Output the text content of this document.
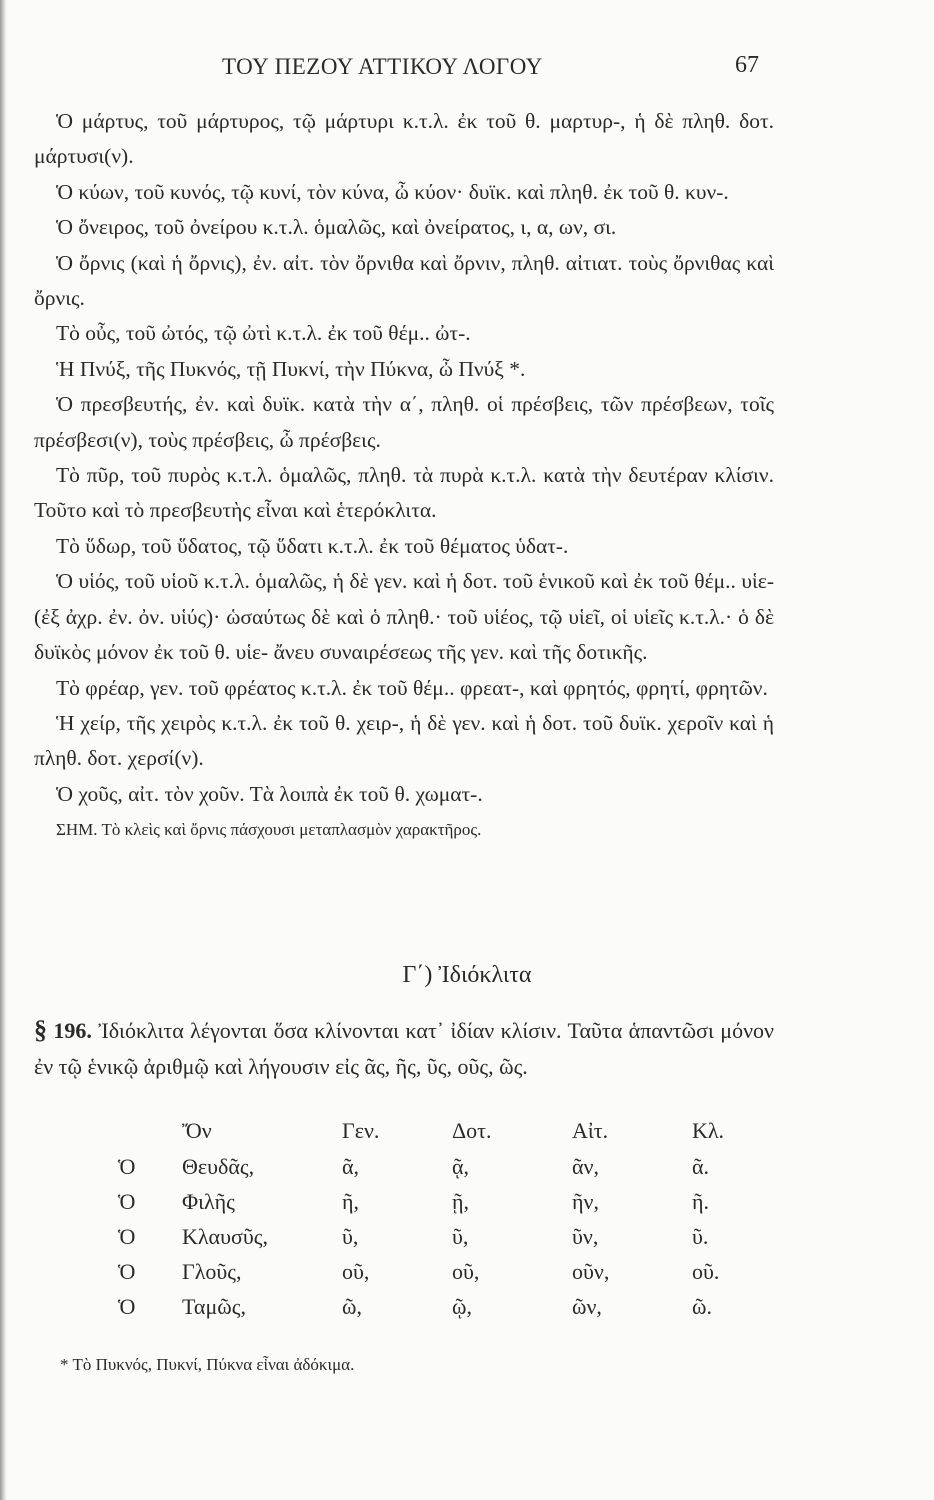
ΤΟΥ ΠΕΖΟΥ ΑΤΤΙΚΟΥ ΛΟΓΟΥ	67

Ὁ μάρτυς, τοῦ μάρτυρος, τῷ μάρτυρι κ.τ.λ. ἐκ τοῦ θ. μαρτυρ-, ἡ δὲ πληθ. δοτ. μάρτυσι(ν).

Ὁ κύων, τοῦ κυνός, τῷ κυνί, τὸν κύνα, ὦ κύον· δυϊκ. καὶ πληθ. ἐκ τοῦ θ. κυν-.

Ὁ ὄνειρος, τοῦ ὀνείρου κ.τ.λ. ὁμαλῶς, καὶ ὀνείρατος, ι, α, ων, σι.

Ὁ ὄρνις (καὶ ἡ ὄρνις), ἐν. αἰτ. τὸν ὄρνιθα καὶ ὄρνιν, πληθ. αἰτιατ. τοὺς ὄρνιθας καὶ ὄρνις.

Τὸ οὖς, τοῦ ὠτός, τῷ ὠτὶ κ.τ.λ. ἐκ τοῦ θέμ.. ὠτ-.

Ἡ Πνύξ, τῆς Πυκνός, τῇ Πυκνί, τὴν Πύκνα, ὦ Πνύξ *.

Ὁ πρεσβευτής, ἐν. καὶ δυϊκ. κατὰ τὴν α΄, πληθ. οἱ πρέσβεις, τῶν πρέσβεων, τοῖς πρέσβεσι(ν), τοὺς πρέσβεις, ὦ πρέσβεις.

Τὸ πῦρ, τοῦ πυρὸς κ.τ.λ. ὁμαλῶς, πληθ. τὰ πυρὰ κ.τ.λ. κατὰ τὴν δευτέραν κλίσιν. Τοῦτο καὶ τὸ πρεσβευτὴς εἶναι καὶ ἑτερόκλιτα.

Τὸ ὕδωρ, τοῦ ὕδατος, τῷ ὕδατι κ.τ.λ. ἐκ τοῦ θέματος ὑδατ-.

Ὁ υἱός, τοῦ υἱοῦ κ.τ.λ. ὁμαλῶς, ἡ δὲ γεν. καὶ ἡ δοτ. τοῦ ἑνικοῦ καὶ ἐκ τοῦ θέμ.. υἱε- (ἐξ ἀχρ. ἐν. ὀν. υἱύς)· ὡσαύτως δὲ καὶ ὁ πληθ.· τοῦ υἱέος, τῷ υἱεῖ, οἱ υἱεῖς κ.τ.λ.· ὁ δὲ δυϊκὸς μόνον ἐκ τοῦ θ. υἱε- ἄνευ συναιρέσεως τῆς γεν. καὶ τῆς δοτικῆς.

Τὸ φρέαρ, γεν. τοῦ φρέατος κ.τ.λ. ἐκ τοῦ θέμ.. φρεατ-, καὶ φρητός, φρητί, φρητῶν.

Ἡ χείρ, τῆς χειρὸς κ.τ.λ. ἐκ τοῦ θ. χειρ-, ἡ δὲ γεν. καὶ ἡ δοτ. τοῦ δυϊκ. χεροῖν καὶ ἡ πληθ. δοτ. χερσί(ν).

Ὁ χοῦς, αἰτ. τὸν χοῦν. Τὰ λοιπὰ ἐκ τοῦ θ. χωματ-.

ΣΗΜ. Τὸ κλεὶς καὶ ὄρνις πάσχουσι μεταπλασμὸν χαρακτῆρος.

Γ΄) Ἰδιόκλιτα
§ 196. Ἰδιόκλιτα λέγονται ὅσα κλίνονται κατ᾽ ἰδίαν κλίσιν. Ταῦτα ἁπαντῶσι μόνον ἐν τῷ ἑνικῷ ἀριθμῷ καὶ λήγουσιν εἰς ᾶς, ῆς, ῦς, οῦς, ῶς.
	Ὄν	Γεν.	Δοτ.	Αἰτ.	Κλ.
Ὁ	Θευδᾶς,	ᾶ,	ᾷ,	ᾶν,	ᾶ.
Ὁ	Φιλῆς	ῆ,	ῇ,	ῆν,	ῆ.
Ὁ	Κλαυσῦς,	ῦ,	ῦ,	ῦν,	ῦ.
Ὁ	Γλοῦς,	οῦ,	οῦ,	οῦν,	οῦ.
Ὁ	Ταμῶς,	ῶ,	ῷ,	ῶν,	ῶ.
* Τὸ Πυκνός, Πυκνί, Πύκνα εἶναι ἀδόκιμα.
